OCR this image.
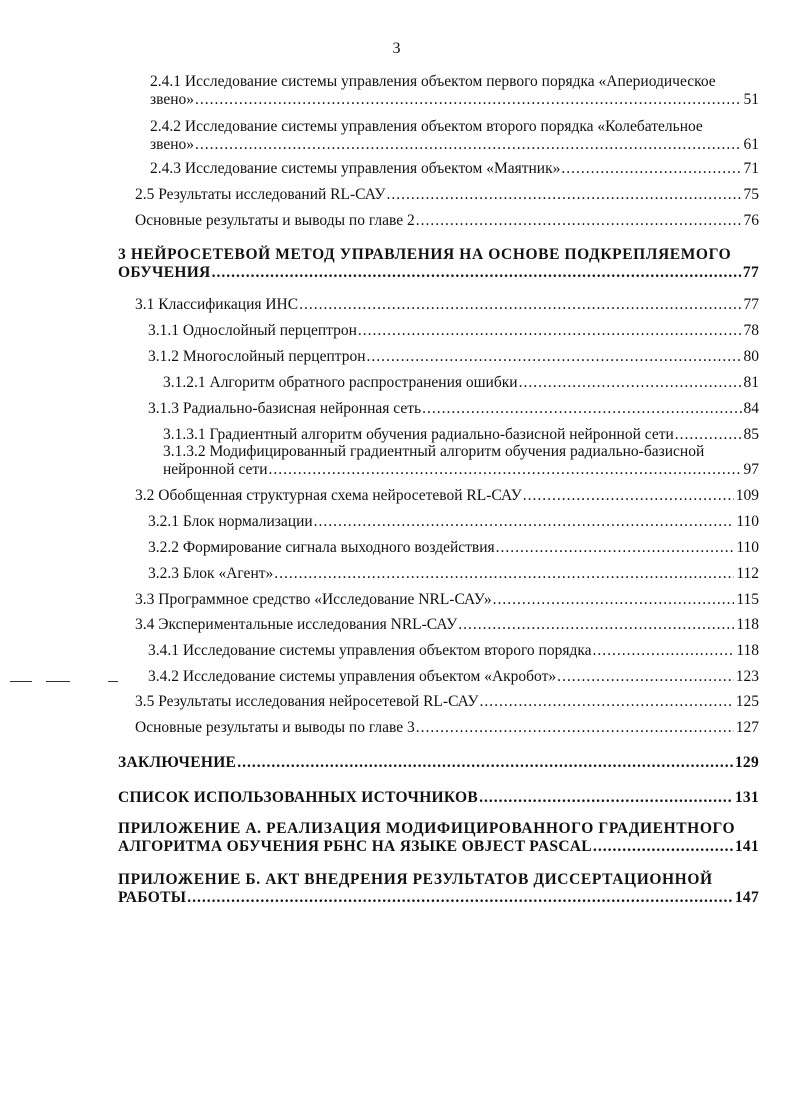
3
2.4.1 Исследование системы управления объектом первого порядка «Апериодическое
звено» .....	51
2.4.2 Исследование системы управления объектом второго порядка «Колебательное
звено» .....	61
2.4.3 Исследование системы управления объектом «Маятник» .....	71
2.5 Результаты исследований RL-САУ .....	75
Основные результаты и выводы по главе 2 .....	76
3 НЕЙРОСЕТЕВОЙ МЕТОД УПРАВЛЕНИЯ НА ОСНОВЕ ПОДКРЕПЛЯЕМОГО
ОБУЧЕНИЯ .....	77
3.1 Классификация ИНС .....	77
3.1.1 Однослойный перцептрон .....	78
3.1.2 Многослойный перцептрон .....	80
3.1.2.1 Алгоритм обратного распространения ошибки .....	81
3.1.3 Радиально-базисная нейронная сеть .....	84
3.1.3.1 Градиентный алгоритм обучения радиально-базисной нейронной сети .....	85
3.1.3.2 Модифицированный градиентный алгоритм обучения радиально-базисной
нейронной сети .....	97
3.2 Обобщенная структурная схема нейросетевой RL-САУ .....	109
3.2.1 Блок нормализации .....	110
3.2.2 Формирование сигнала выходного воздействия .....	110
3.2.3 Блок «Агент» .....	112
3.3 Программное средство «Исследование NRL-САУ» .....	115
3.4 Экспериментальные исследования NRL-САУ .....	118
3.4.1 Исследование системы управления объектом второго порядка .....	118
3.4.2 Исследование системы управления объектом «Акробот» .....	123
3.5 Результаты исследования нейросетевой RL-САУ .....	125
Основные результаты и выводы по главе 3 .....	127
ЗАКЛЮЧЕНИЕ .....	129
СПИСОК ИСПОЛЬЗОВАННЫХ ИСТОЧНИКОВ .....	131
ПРИЛОЖЕНИЕ А. РЕАЛИЗАЦИЯ МОДИФИЦИРОВАННОГО ГРАДИЕНТНОГО
АЛГОРИТМА ОБУЧЕНИЯ РБНС НА ЯЗЫКЕ OBJECT PASCAL .....	141
ПРИЛОЖЕНИЕ Б. АКТ ВНЕДРЕНИЯ РЕЗУЛЬТАТОВ ДИССЕРТАЦИОННОЙ
РАБОТЫ .....	147
